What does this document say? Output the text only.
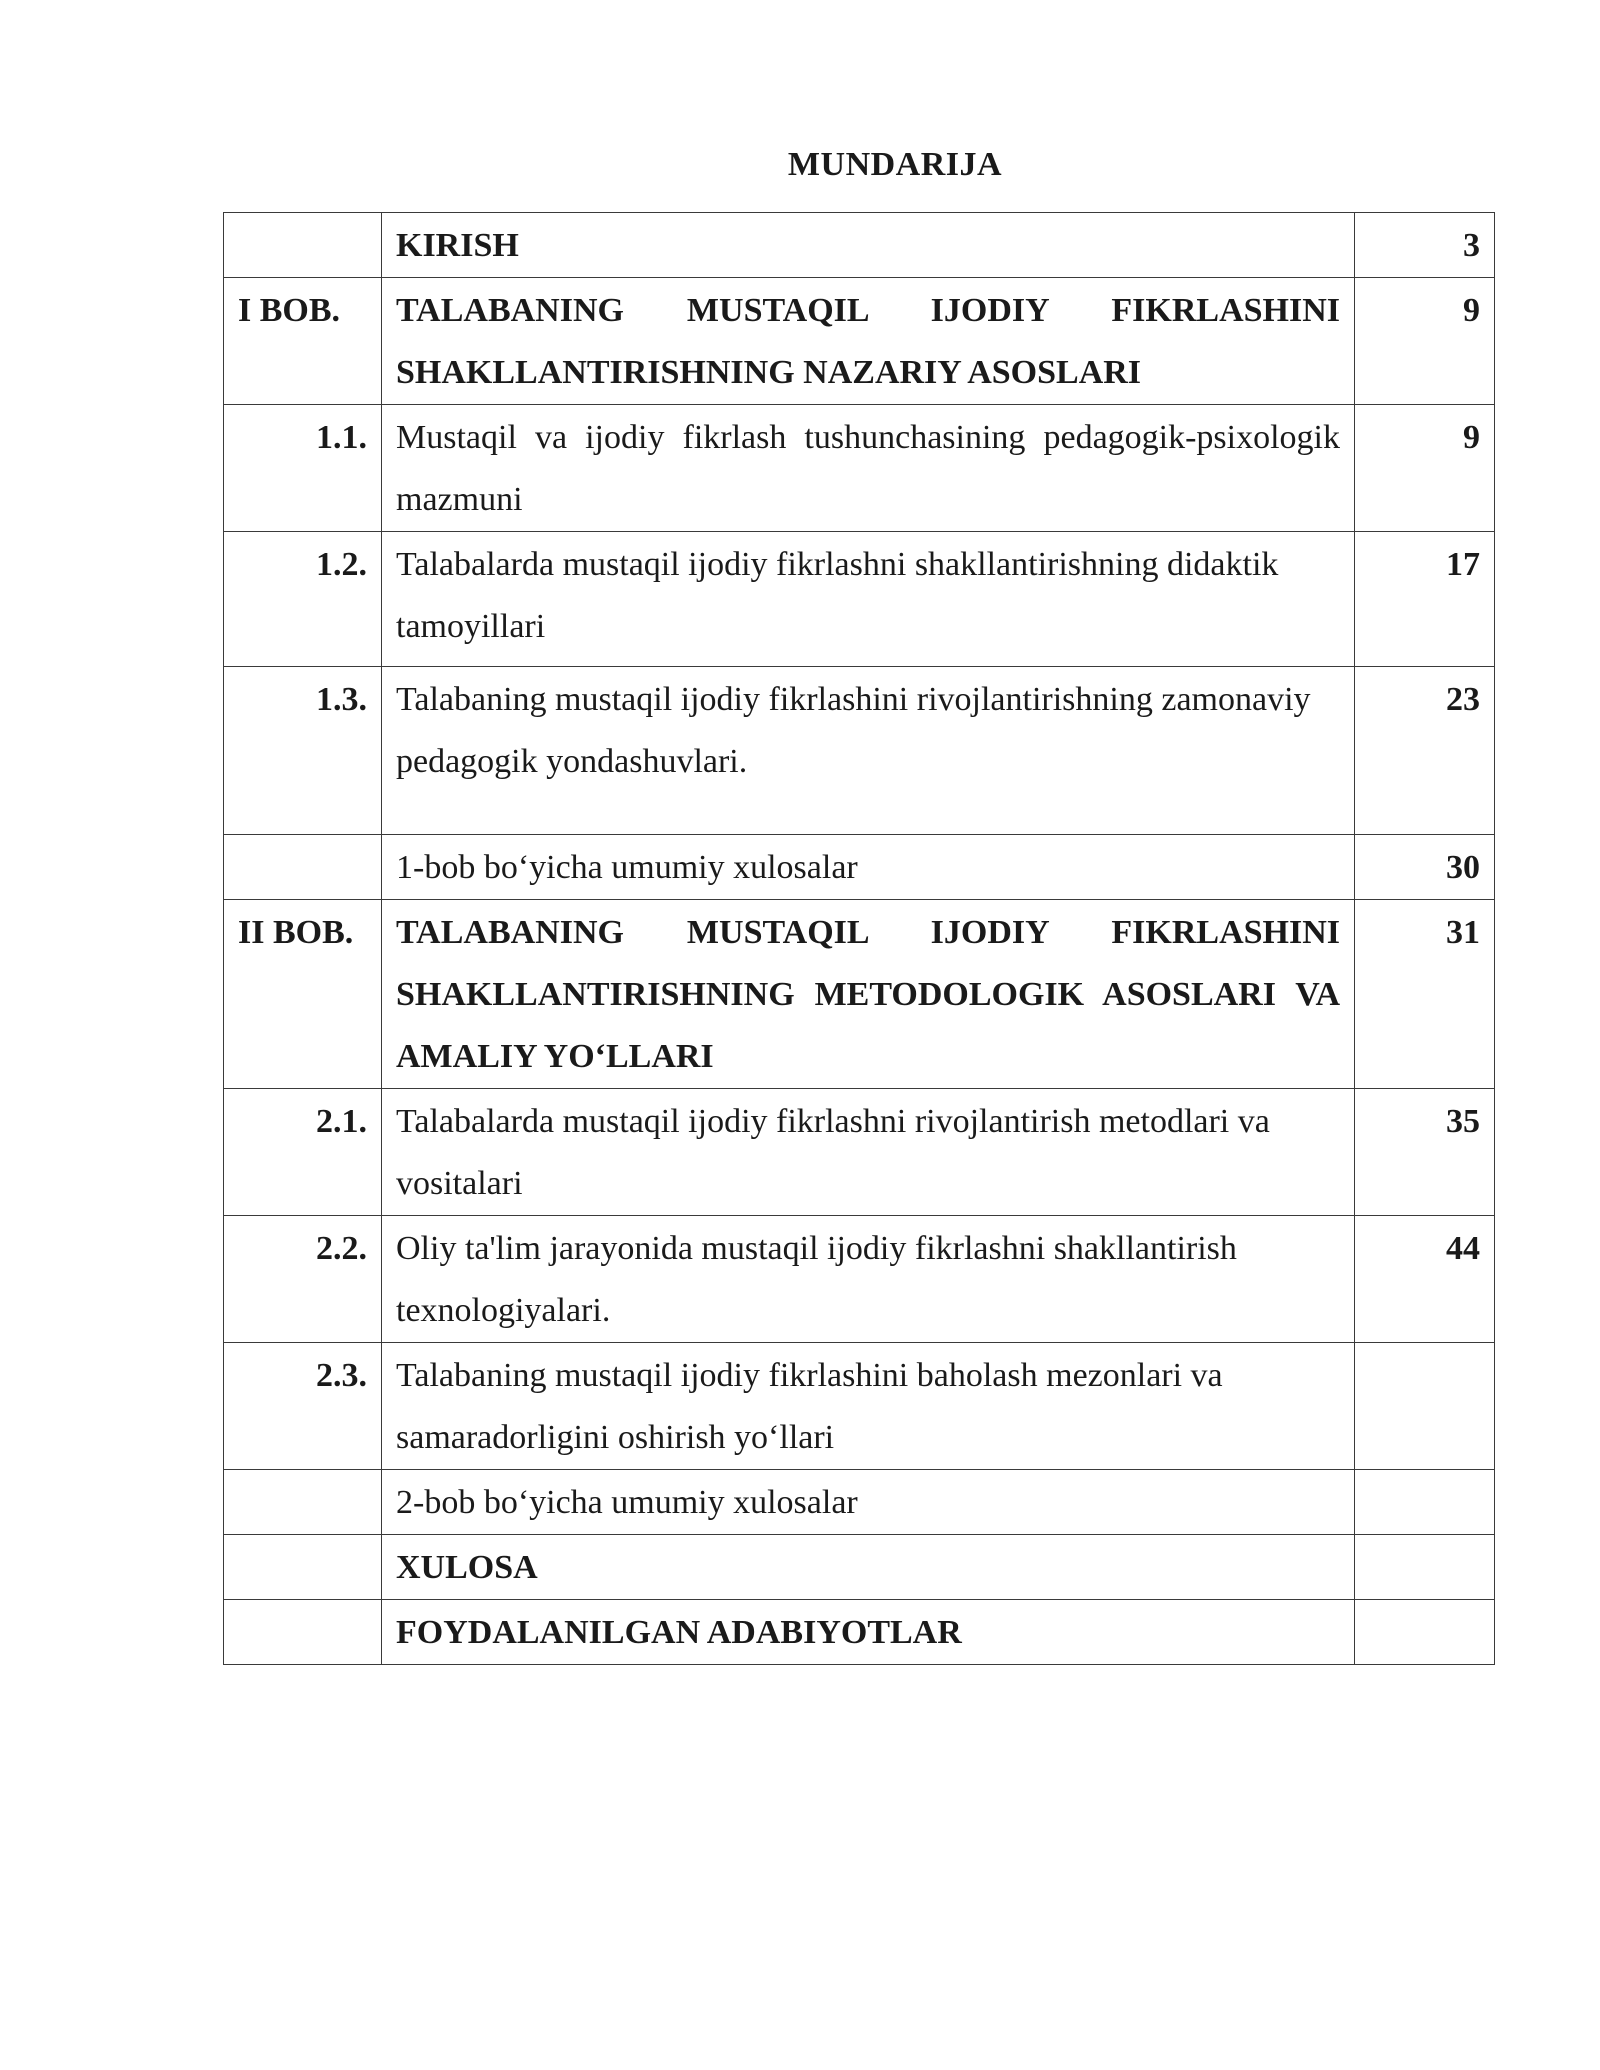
MUNDARIJA
	KIRISH	3
I BOB.	TALABANING MUSTAQIL IJODIY FIKRLASHINI SHAKLLANTIRISHNING NAZARIY ASOSLARI	9
1.1.	Mustaqil va ijodiy fikrlash tushunchasining pedagogik-psixologik mazmuni	9
1.2.	Talabalarda mustaqil ijodiy fikrlashni shakllantirishning didaktik tamoyillari	17
1.3.	Talabaning mustaqil ijodiy fikrlashini rivojlantirishning zamonaviy pedagogik yondashuvlari.	23
	1-bob bo‘yicha umumiy xulosalar	30
II BOB.	TALABANING MUSTAQIL IJODIY FIKRLASHINI SHAKLLANTIRISHNING METODOLOGIK ASOSLARI VA AMALIY YO‘LLARI	31
2.1.	Talabalarda mustaqil ijodiy fikrlashni rivojlantirish metodlari va vositalari	35
2.2.	Oliy ta'lim jarayonida mustaqil ijodiy fikrlashni shakllantirish texnologiyalari.	44
2.3.	Talabaning mustaqil ijodiy fikrlashini baholash mezonlari va samaradorligini oshirish yo‘llari	
	2-bob bo‘yicha umumiy xulosalar	
	XULOSA	
	FOYDALANILGAN ADABIYOTLAR	
